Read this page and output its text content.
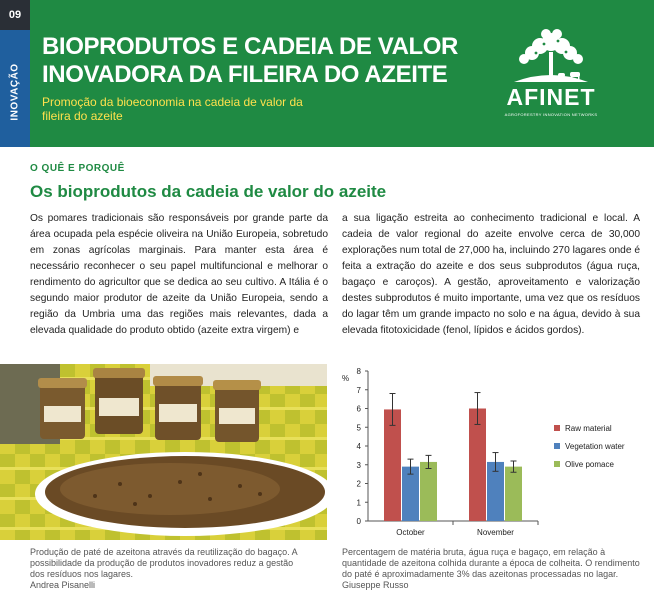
09
INOVAÇÃO
BIOPRODUTOS E CADEIA DE VALOR
INOVADORA DA FILEIRA DO AZEITE
Promoção da bioeconomia na cadeia de valor da fileira do azeite
AFINET
AGROFORESTRY INNOVATION NETWORKS
O QUÊ E PORQUÊ
Os bioprodutos da cadeia de valor do azeite
Os pomares tradicionais são responsáveis por grande parte da área ocupada pela espécie oliveira na União Europeia, sobretudo em zonas agrícolas marginais. Para manter esta área é necessário reconhecer o seu papel multifuncional e melhorar o rendimento do agricultor que se dedica ao seu cultivo. A Itália é o segundo maior produtor de azeite da União Europeia, sendo a região da Umbria uma das regiões mais relevantes, dada a elevada qualidade do produto obtido (azeite extra virgem) e
a sua ligação estreita ao conhecimento tradicional e local. A cadeia de valor regional do azeite envolve cerca de 30,000 explorações num total de 27,000 ha, incluindo 270 lagares onde é feita a extração do azeite e dos seus subprodutos (água ruça, bagaço e caroços). A gestão, aproveitamento e valorização destes subprodutos é muito importante, uma vez que os resíduos do lagar têm um grande impacto no solo e na água, devido à sua elevada fitotoxicidade (fenol, lípidos e ácidos gordos).
%
0
1
2
3
4
5
6
7
8
October	November
Raw material
Vegetation water
Olive pomace
Produção de paté de azeitona através da reutilização do bagaço. A possibilidade da produção de produtos inovadores reduz a gestão dos resíduos nos lagares.
Andrea Pisanelli
Percentagem de matéria bruta, água ruça e bagaço, em relação à quantidade de azeitona colhida durante a época de colheita. O rendimento do paté é aproximadamente 3% das azeitonas processadas no lagar.
Giuseppe Russo
